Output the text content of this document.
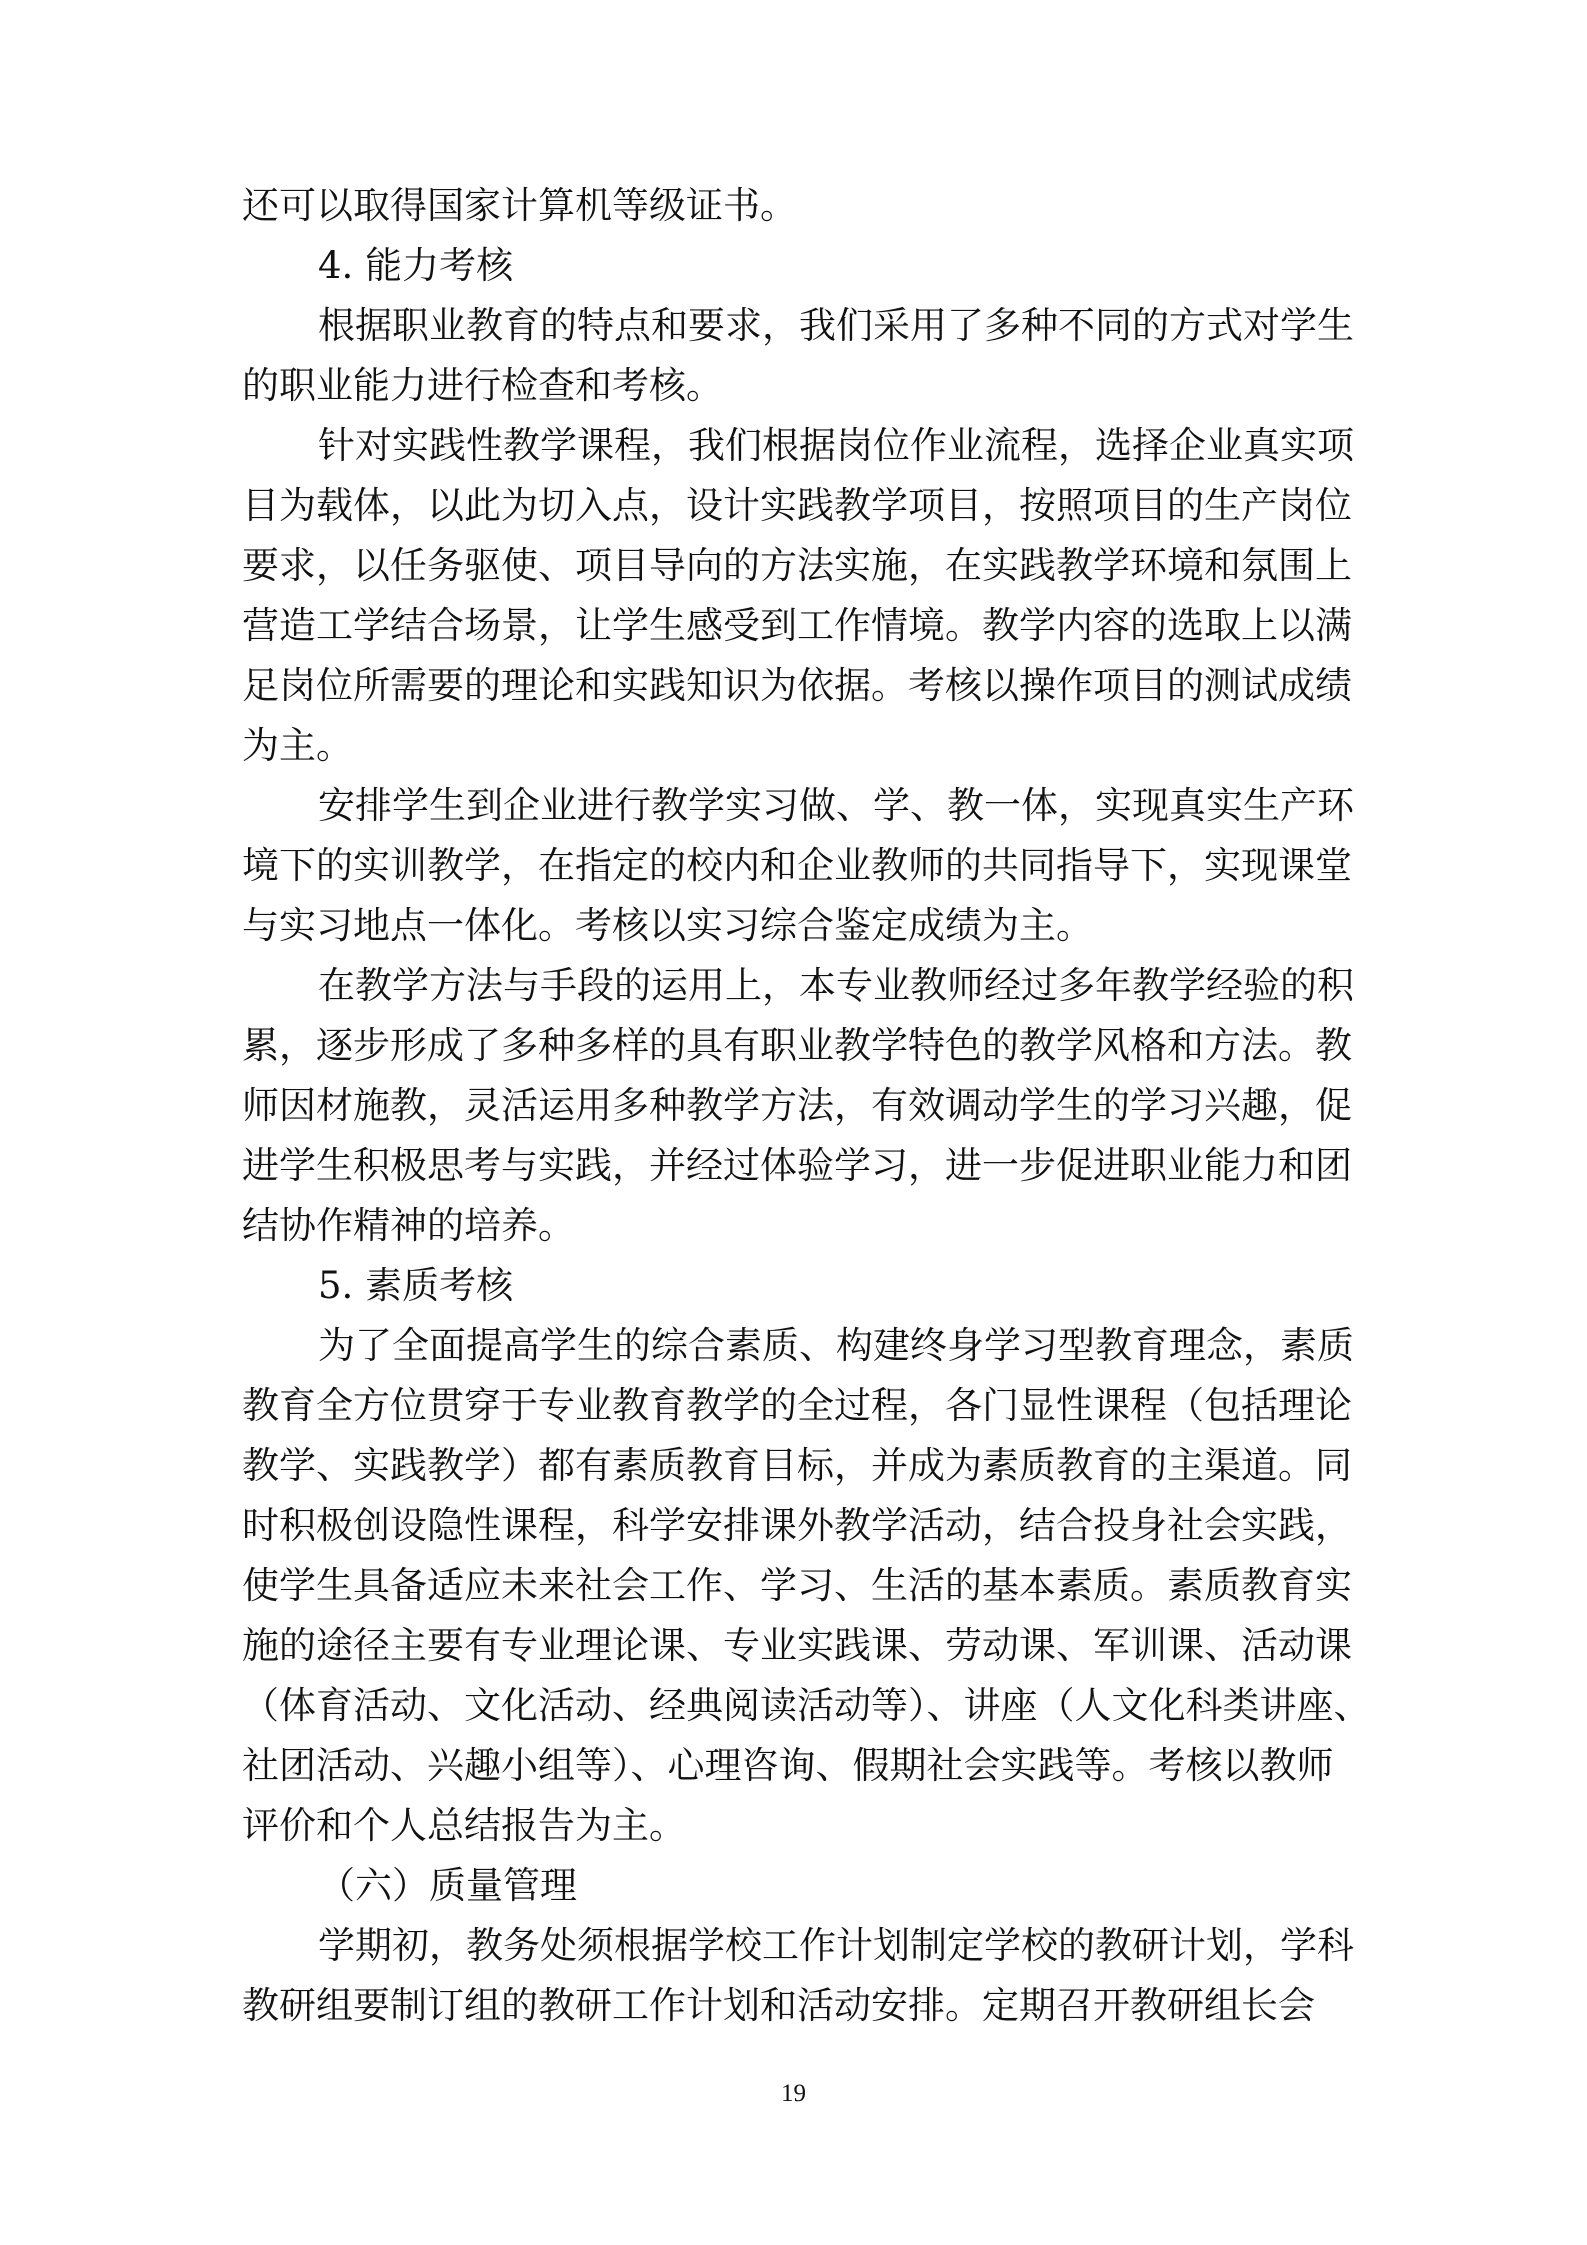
还可以取得国家计算机等级证书。
4. 能力考核
根据职业教育的特点和要求，我们采用了多种不同的方式对学生
的职业能力进行检查和考核。
针对实践性教学课程，我们根据岗位作业流程，选择企业真实项
目为载体，以此为切入点，设计实践教学项目，按照项目的生产岗位
要求，以任务驱使、项目导向的方法实施，在实践教学环境和氛围上
营造工学结合场景，让学生感受到工作情境。教学内容的选取上以满
足岗位所需要的理论和实践知识为依据。考核以操作项目的测试成绩
为主。
安排学生到企业进行教学实习做、学、教一体，实现真实生产环
境下的实训教学，在指定的校内和企业教师的共同指导下，实现课堂
与实习地点一体化。考核以实习综合鉴定成绩为主。
在教学方法与手段的运用上，本专业教师经过多年教学经验的积
累，逐步形成了多种多样的具有职业教学特色的教学风格和方法。教
师因材施教，灵活运用多种教学方法，有效调动学生的学习兴趣，促
进学生积极思考与实践，并经过体验学习，进一步促进职业能力和团
结协作精神的培养。
5. 素质考核
为了全面提高学生的综合素质、构建终身学习型教育理念，素质
教育全方位贯穿于专业教育教学的全过程，各门显性课程（包括理论
教学、实践教学）都有素质教育目标，并成为素质教育的主渠道。同
时积极创设隐性课程，科学安排课外教学活动，结合投身社会实践，
使学生具备适应未来社会工作、学习、生活的基本素质。素质教育实
施的途径主要有专业理论课、专业实践课、劳动课、军训课、活动课
（体育活动、文化活动、经典阅读活动等）、讲座（人文化科类讲座、
社团活动、兴趣小组等）、心理咨询、假期社会实践等。考核以教师
评价和个人总结报告为主。
（六）质量管理
学期初，教务处须根据学校工作计划制定学校的教研计划，学科
教研组要制订组的教研工作计划和活动安排。定期召开教研组长会
19
